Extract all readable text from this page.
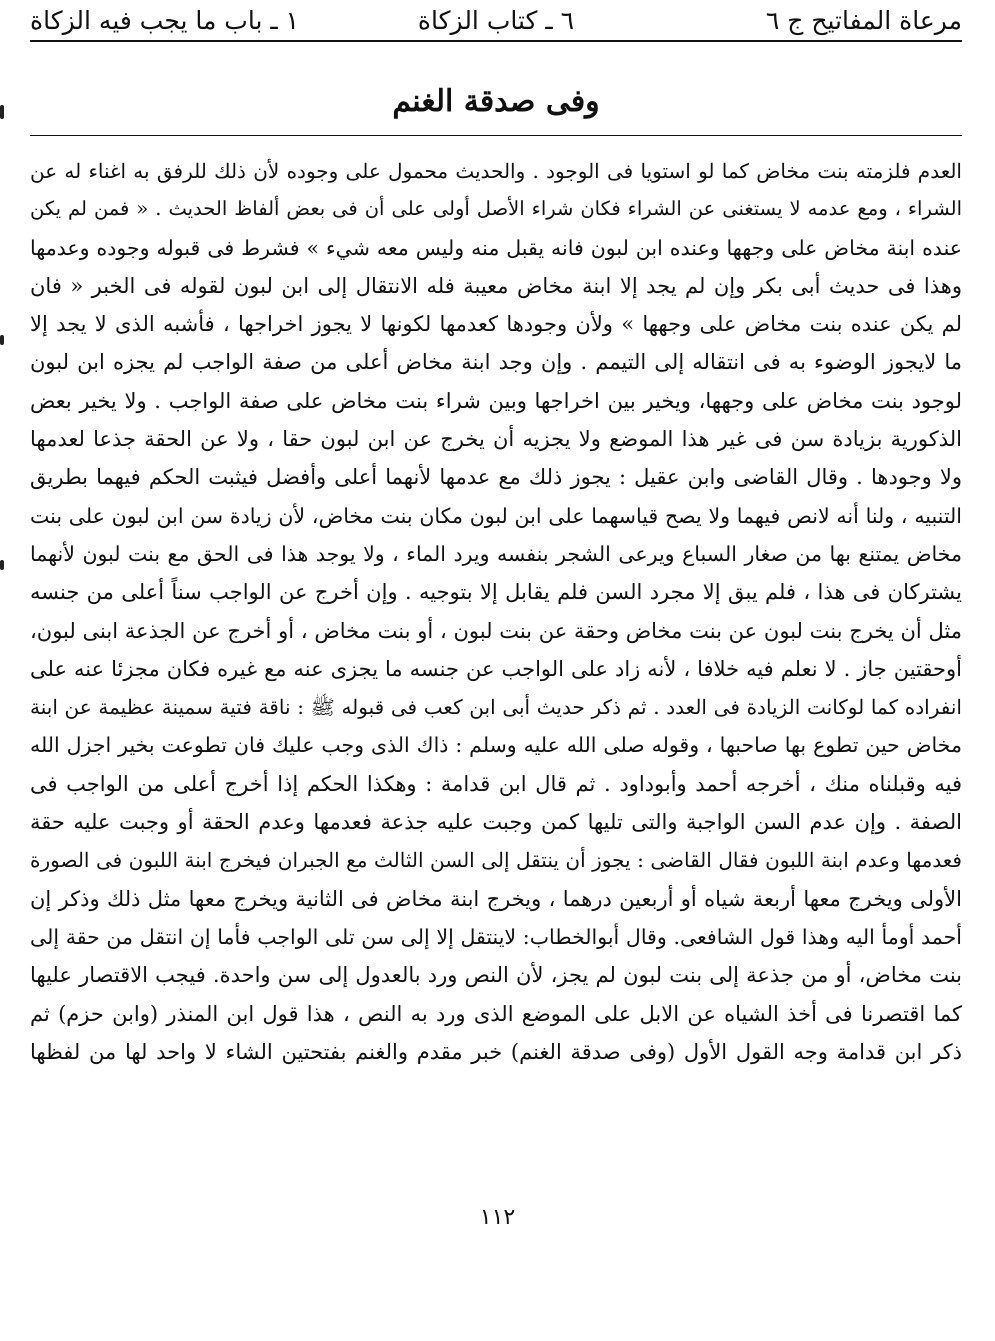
مرعاة المفاتيح ج ٦
٦ ـ كتاب الزكاة
١ ـ باب ما يجب فيه الزكاة
وفى صدقة الغنم
العدم فلزمته بنت مخاض كما لو استويا فى الوجود . والحديث محمول على وجوده لأن ذلك للرفق به اغناء له عن
الشراء ، ومع عدمه لا يستغنى عن الشراء فكان شراء الأصل أولى على أن فى بعض ألفاظ الحديث . « فمن لم يكن
عنده ابنة مخاض على وجهها وعنده ابن لبون فانه يقبل منه وليس معه شيء » فشرط فى قبوله وجوده وعدمها
وهذا فى حديث أبى بكر وإن لم يجد إلا ابنة مخاض معيبة فله الانتقال إلى ابن لبون لقوله فى الخبر « فان
لم يكن عنده بنت مخاض على وجهها » ولأن وجودها كعدمها لكونها لا يجوز اخراجها ، فأشبه الذى لا يجد إلا
ما لايجوز الوضوء به فى انتقاله إلى التيمم . وإن وجد ابنة مخاض أعلى من صفة الواجب لم يجزه ابن لبون
لوجود بنت مخاض على وجهها، ويخير بين اخراجها وبين شراء بنت مخاض على صفة الواجب . ولا يخير بعض
الذكورية بزيادة سن فى غير هذا الموضع ولا يجزيه أن يخرج عن ابن لبون حقا ، ولا عن الحقة جذعا لعدمها
ولا وجودها . وقال القاضى وابن عقيل : يجوز ذلك مع عدمها لأنهما أعلى وأفضل فيثبت الحكم فيهما بطريق
التنبيه ، ولنا أنه لانص فيهما ولا يصح قياسهما على ابن لبون مكان بنت مخاض، لأن زيادة سن ابن لبون على بنت
مخاض يمتنع بها من صغار السباع ويرعى الشجر بنفسه ويرد الماء ، ولا يوجد هذا فى الحق مع بنت لبون لأنهما
يشتركان فى هذا ، فلم يبق إلا مجرد السن فلم يقابل إلا بتوجيه . وإن أخرج عن الواجب سناً أعلى من جنسه
مثل أن يخرج بنت لبون عن بنت مخاض وحقة عن بنت لبون ، أو بنت مخاض ، أو أخرج عن الجذعة ابنى لبون،
أوحقتين جاز . لا نعلم فيه خلافا ، لأنه زاد على الواجب عن جنسه ما يجزى عنه مع غيره فكان مجزئا عنه على
انفراده كما لوكانت الزيادة فى العدد . ثم ذكر حديث أبى ابن كعب فى قبوله ﷺ : ناقة فتية سمينة عظيمة عن ابنة
مخاض حين تطوع بها صاحبها ، وقوله صلى الله عليه وسلم : ذاك الذى وجب عليك فان تطوعت بخير اجزل الله
فيه وقبلناه منك ، أخرجه أحمد وأبوداود . ثم قال ابن قدامة : وهكذا الحكم إذا أخرج أعلى من الواجب فى
الصفة . وإن عدم السن الواجبة والتى تليها كمن وجبت عليه جذعة فعدمها وعدم الحقة أو وجبت عليه حقة
فعدمها وعدم ابنة اللبون فقال القاضى : يجوز أن ينتقل إلى السن الثالث مع الجبران فيخرج ابنة اللبون فى الصورة
الأولى ويخرج معها أربعة شياه أو أربعين درهما ، ويخرج ابنة مخاض فى الثانية ويخرج معها مثل ذلك وذكر إن
أحمد أومأ اليه وهذا قول الشافعى. وقال أبوالخطاب: لاينتقل إلا إلى سن تلى الواجب فأما إن انتقل من حقة إلى
بنت مخاض، أو من جذعة إلى بنت لبون لم يجز، لأن النص ورد بالعدول إلى سن واحدة. فيجب الاقتصار عليها
كما اقتصرنا فى أخذ الشياه عن الابل على الموضع الذى ورد به النص ، هذا قول ابن المنذر (وابن حزم) ثم
ذكر ابن قدامة وجه القول الأول (وفى صدقة الغنم) خبر مقدم والغنم بفتحتين الشاء لا واحد لها من لفظها
١١٢
